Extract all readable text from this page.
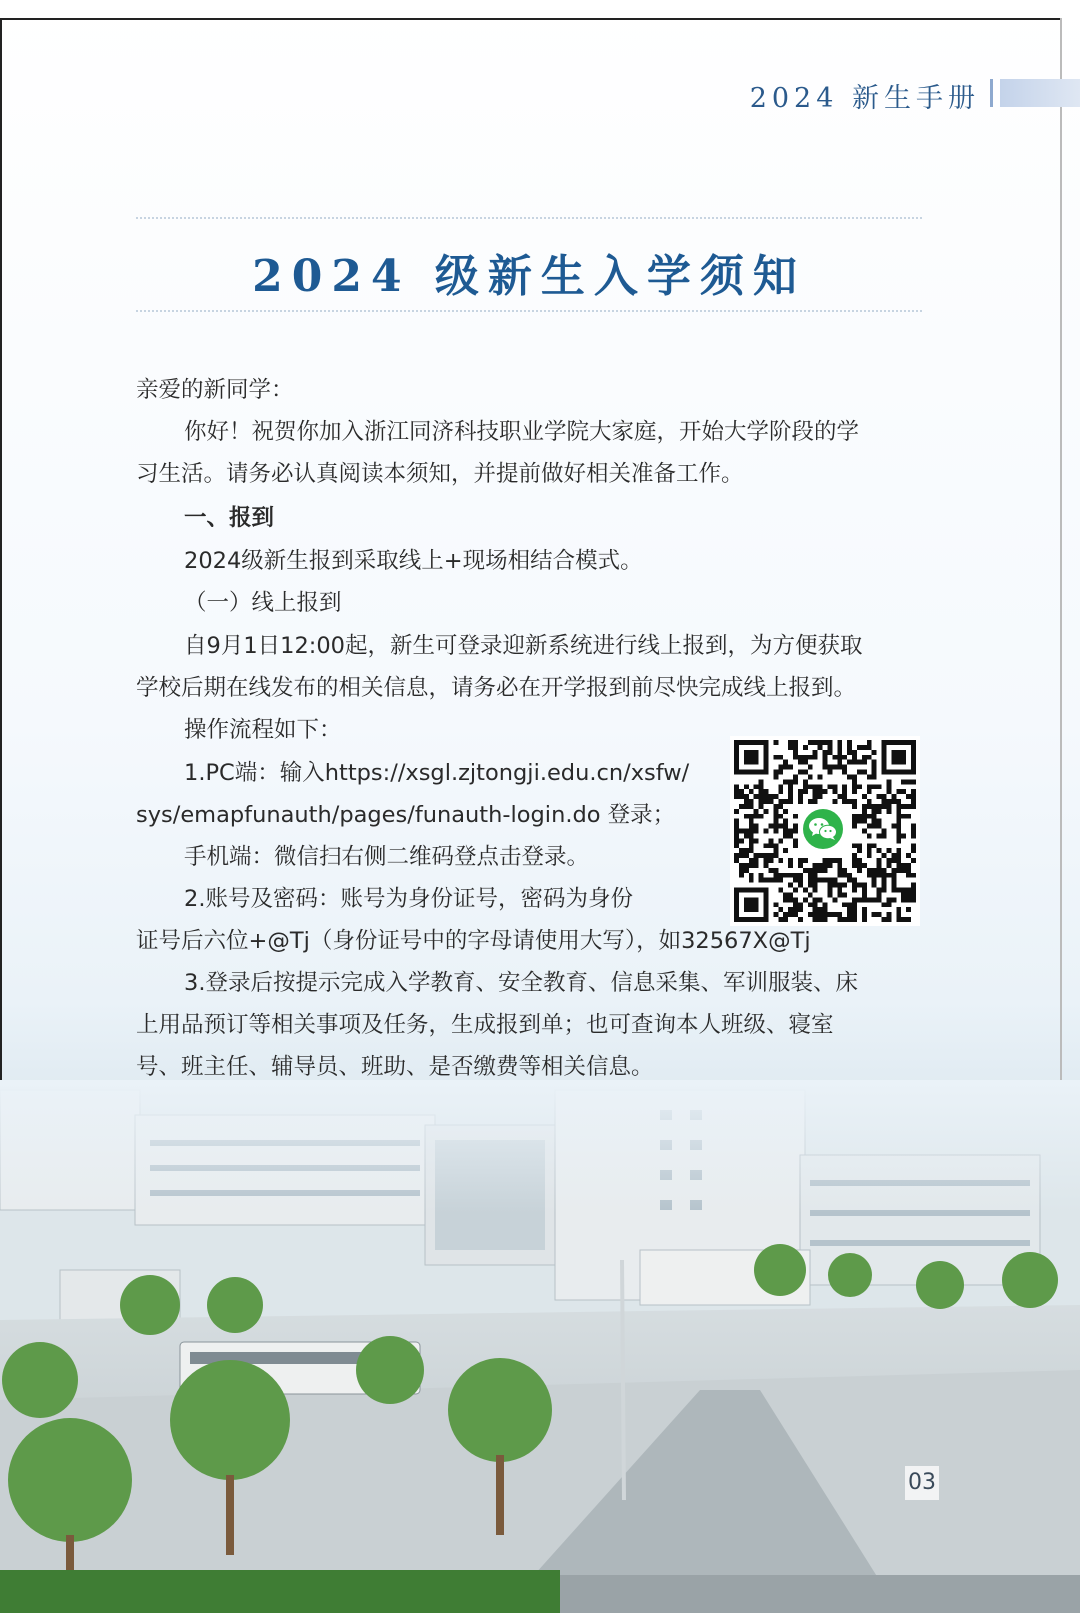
2024 新生手册
2024 级新生入学须知
亲爱的新同学：
你好！祝贺你加入浙江同济科技职业学院大家庭，开始大学阶段的学
习生活。请务必认真阅读本须知，并提前做好相关准备工作。
一、报到
2024级新生报到采取线上+现场相结合模式。
（一）线上报到
自9月1日12:00起，新生可登录迎新系统进行线上报到，为方便获取
学校后期在线发布的相关信息，请务必在开学报到前尽快完成线上报到。
操作流程如下：
1.PC端：输入https://xsgl.zjtongji.edu.cn/xsfw/
sys/emapfunauth/pages/funauth-login.do 登录；
手机端：微信扫右侧二维码登点击登录。
2.账号及密码：账号为身份证号，密码为身份
证号后六位+@Tj（身份证号中的字母请使用大写），如32567X@Tj
3.登录后按提示完成入学教育、安全教育、信息采集、军训服装、床
上用品预订等相关事项及任务，生成报到单；也可查询本人班级、寝室
号、班主任、辅导员、班助、是否缴费等相关信息。
03
